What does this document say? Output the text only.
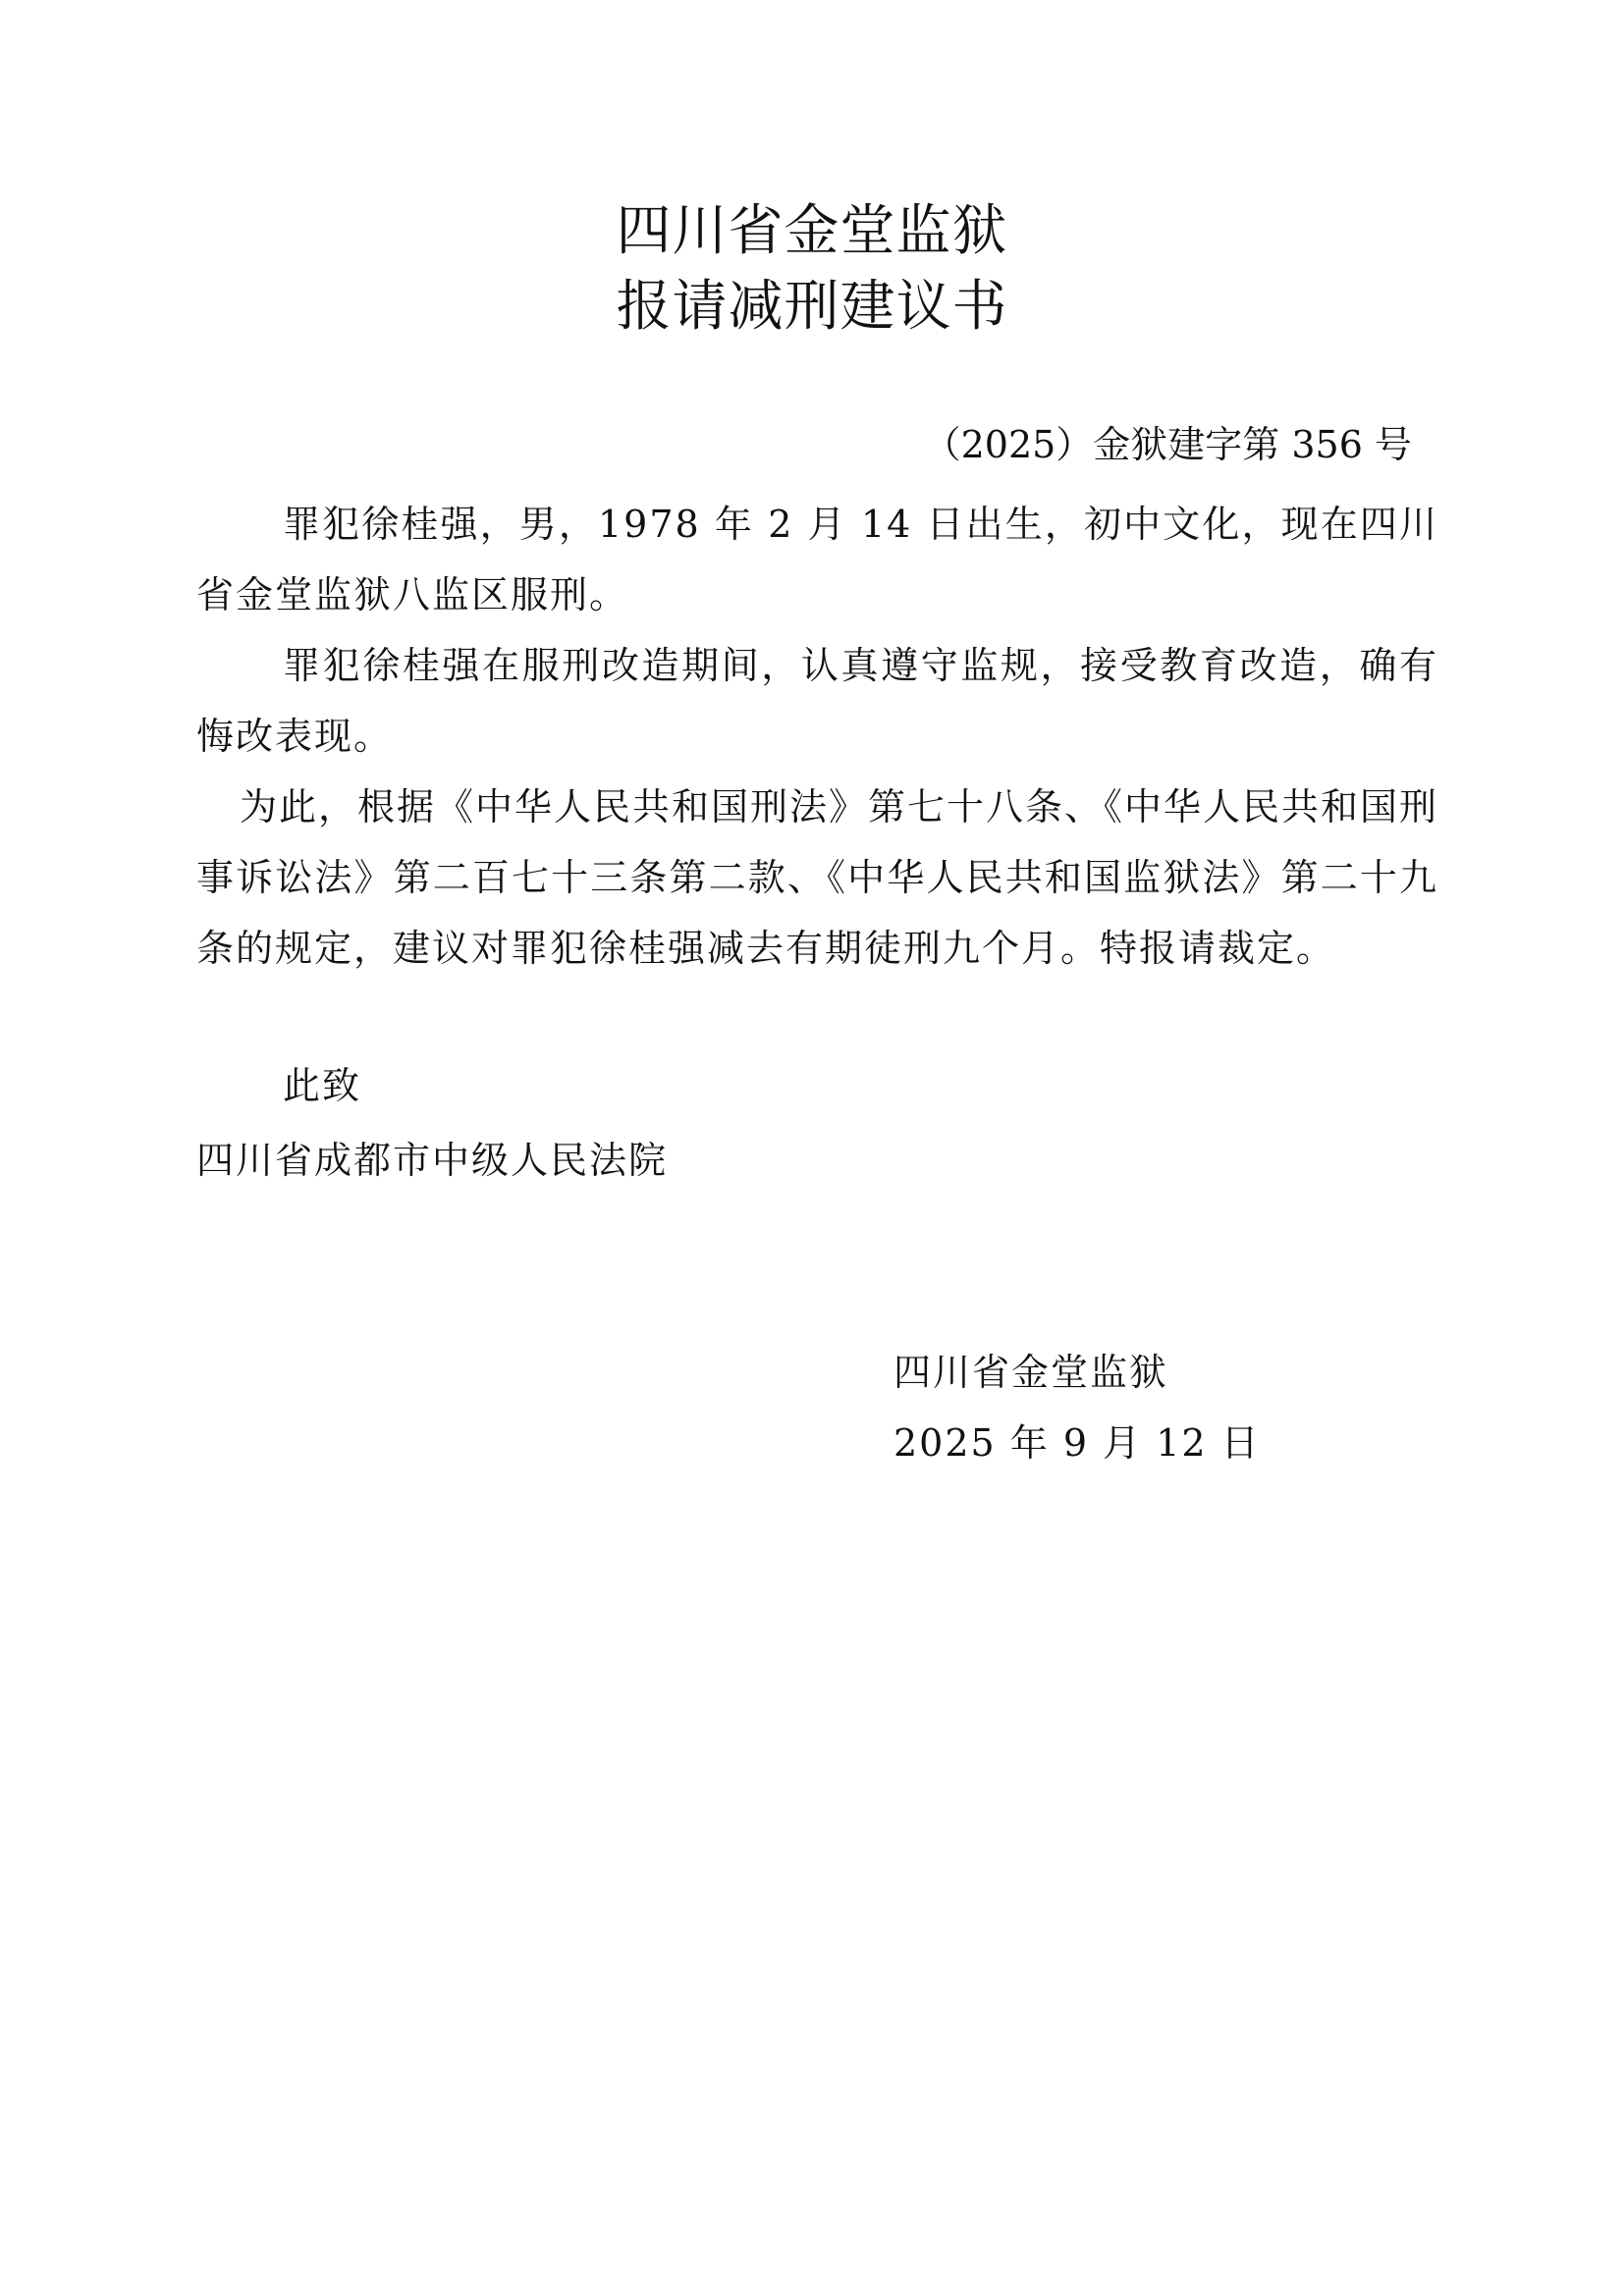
四川省金堂监狱
报请减刑建议书
（2025）金狱建字第 356 号

罪犯徐桂强，男，1978 年 2 月 14 日出生，初中文化，现在四川省金堂监狱八监区服刑。

罪犯徐桂强在服刑改造期间，认真遵守监规，接受教育改造，确有悔改表现。

为此，根据《中华人民共和国刑法》第七十八条、《中华人民共和国刑事诉讼法》第二百七十三条第二款、《中华人民共和国监狱法》第二十九条的规定，建议对罪犯徐桂强减去有期徒刑九个月。特报请裁定。

此致
四川省成都市中级人民法院
四川省金堂监狱
2025 年 9 月 12 日
